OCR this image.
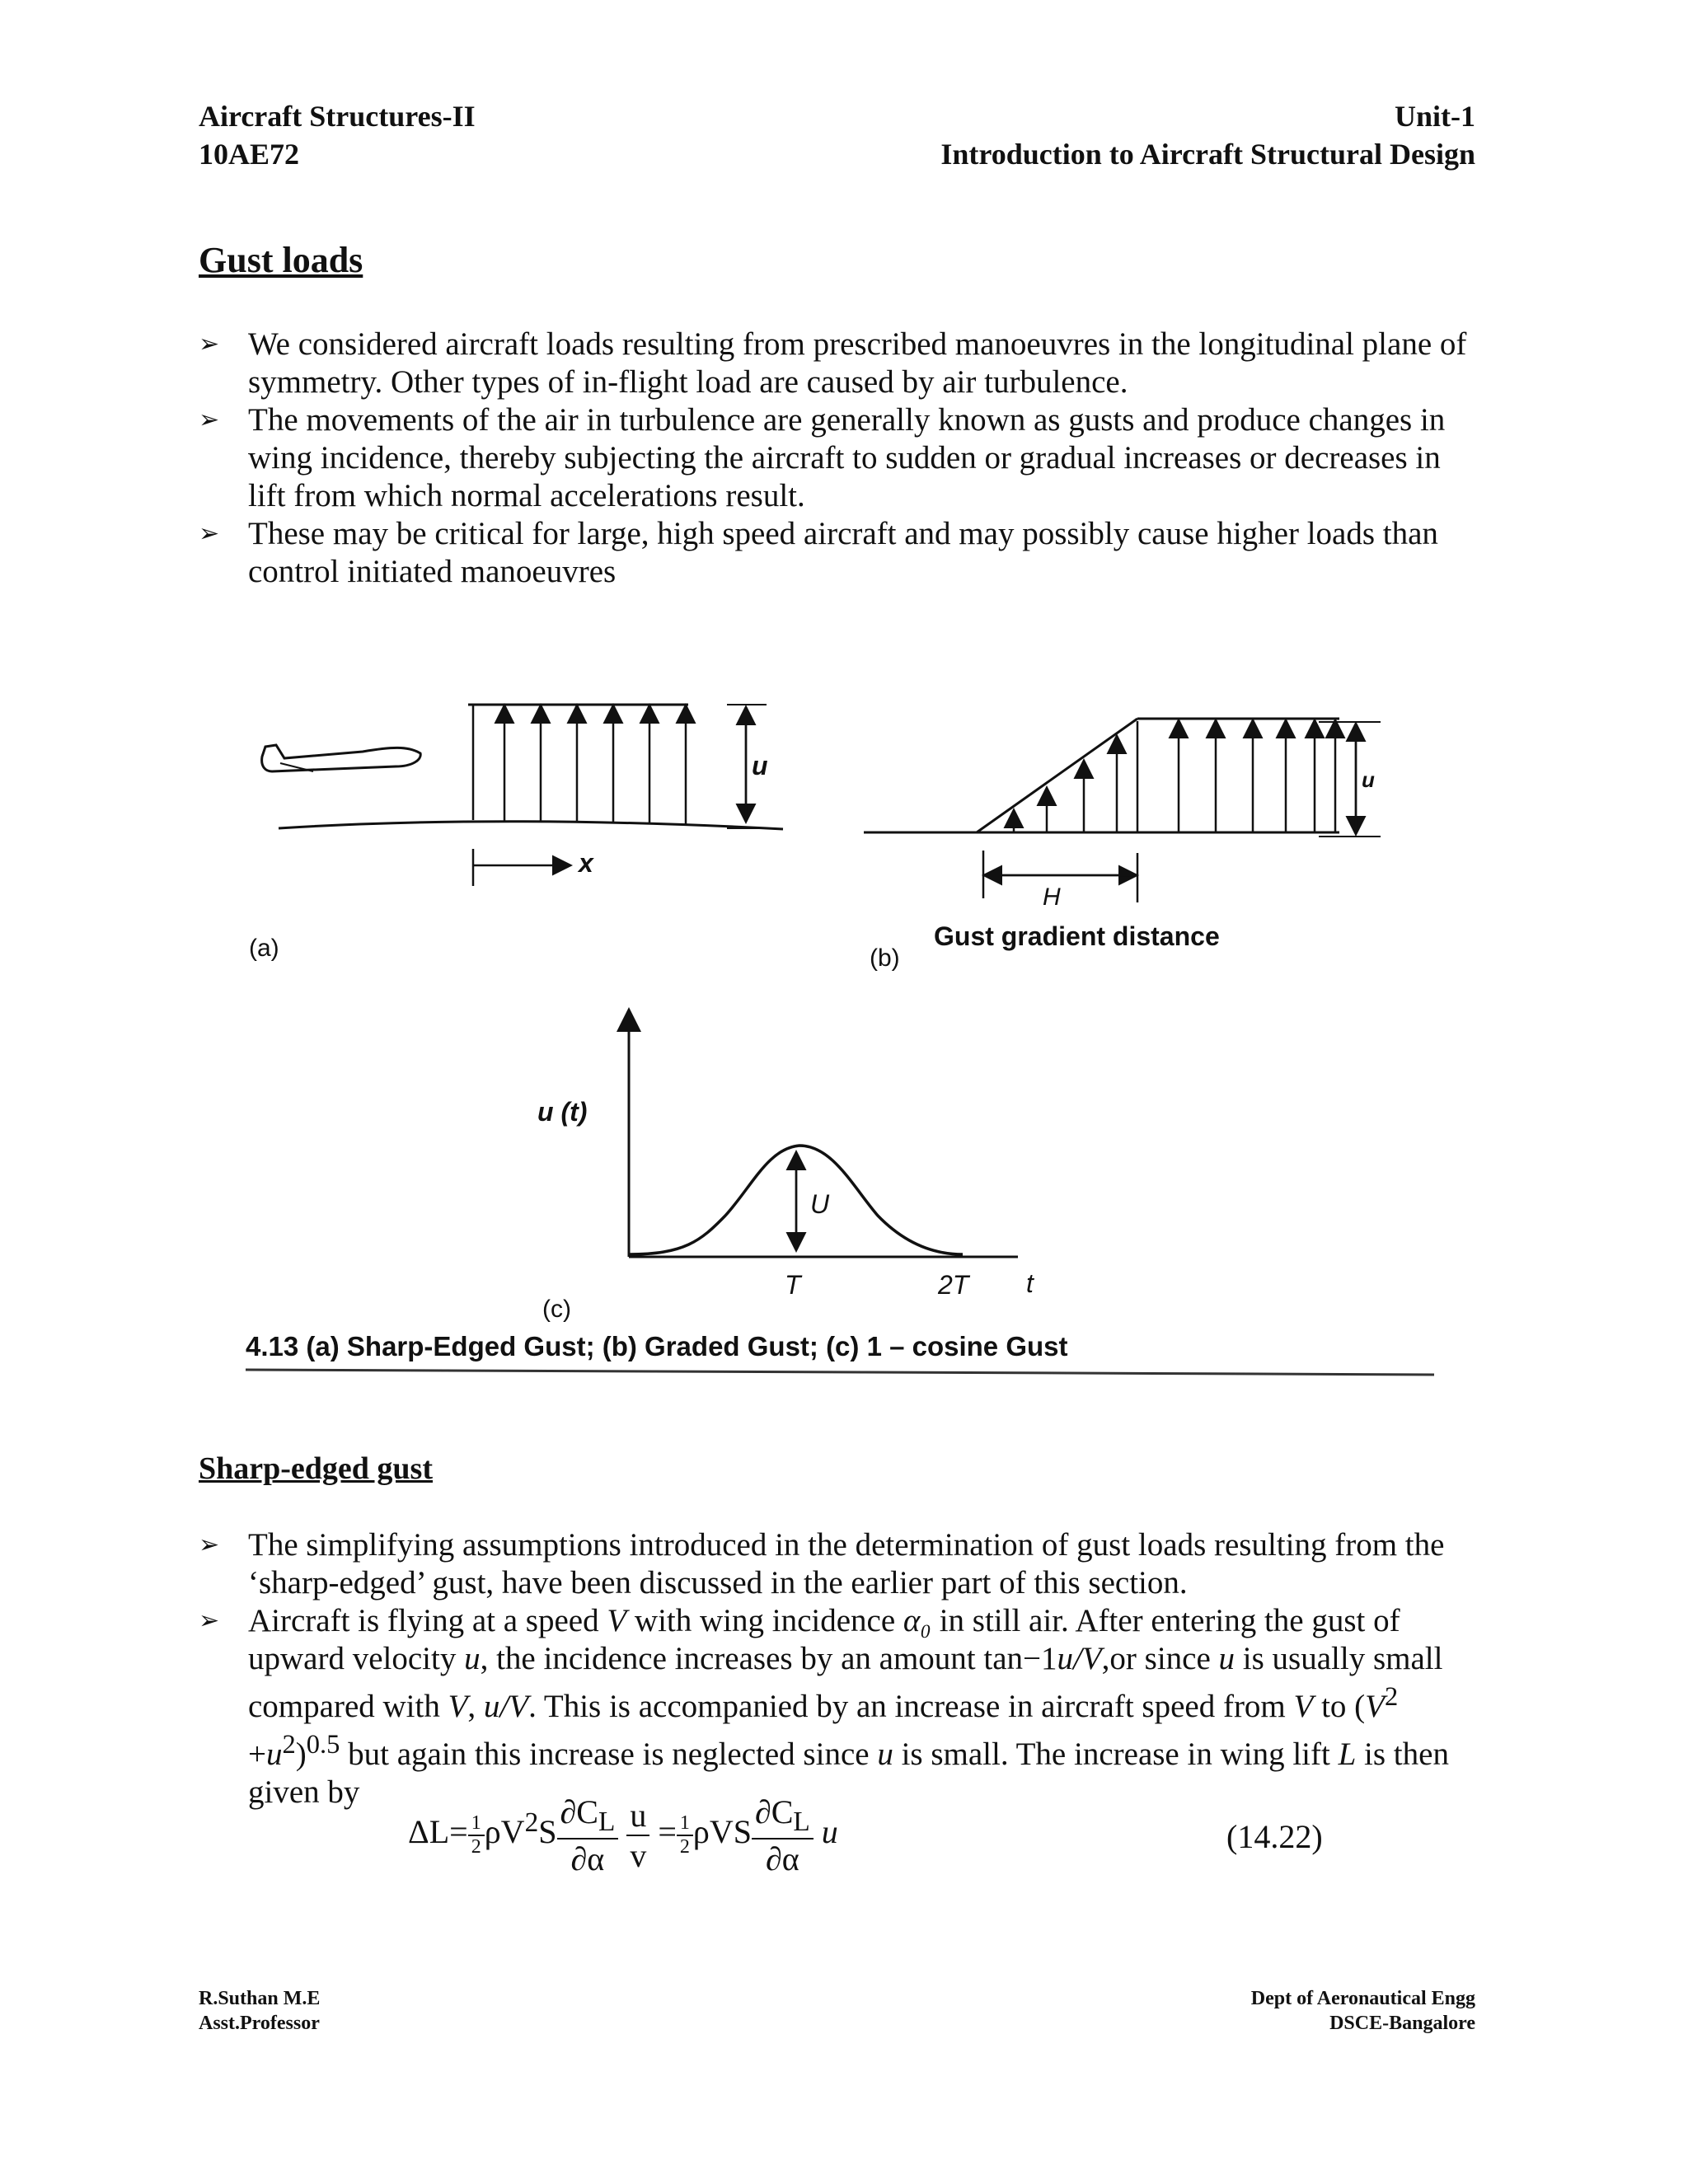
Aircraft Structures-II
10AE72
Unit-1
Introduction to Aircraft Structural Design
Gust loads
➢ We considered aircraft loads resulting from prescribed manoeuvres in the longitudinal plane of symmetry. Other types of in-flight load are caused by air turbulence.
➢ The movements of the air in turbulence are generally known as gusts and produce changes in wing incidence, thereby subjecting the aircraft to sudden or gradual increases or decreases in lift from which normal accelerations result.
➢ These may be critical for large, high speed aircraft and may possibly cause higher loads than control initiated manoeuvres
u
x
(a)
u
H
Gust gradient distance
(b)
u (t)
U
T	2T t
(c)
4.13 (a) Sharp-Edged Gust; (b) Graded Gust; (c) 1 – cosine Gust
Sharp-edged gust
➢ The simplifying assumptions introduced in the determination of gust loads resulting from the ‘sharp-edged’ gust, have been discussed in the earlier part of this section.
➢ Aircraft is flying at a speed V with wing incidence α₀ in still air. After entering the gust of upward velocity u, the incidence increases by an amount tan−1u/V,or since u is usually small compared with V, u/V. This is accompanied by an increase in aircraft speed from V to $(V^2 +u^2)^{0.5}$ but again this increase is neglected since u is small. The increase in wing lift L is then given by
$\Delta L= \frac{1}{2} \rho V^2S \frac{\partial C_L}{\partial\alpha}$
$\frac{u}{v} = \frac{1}{2}$ ρVS $\frac{\partial C_L}{\partial\alpha}$ u	(14.22)
R.Suthan M.E
Asst.Professor
Dept of Aeronautical Engg
DSCE-Bangalore
